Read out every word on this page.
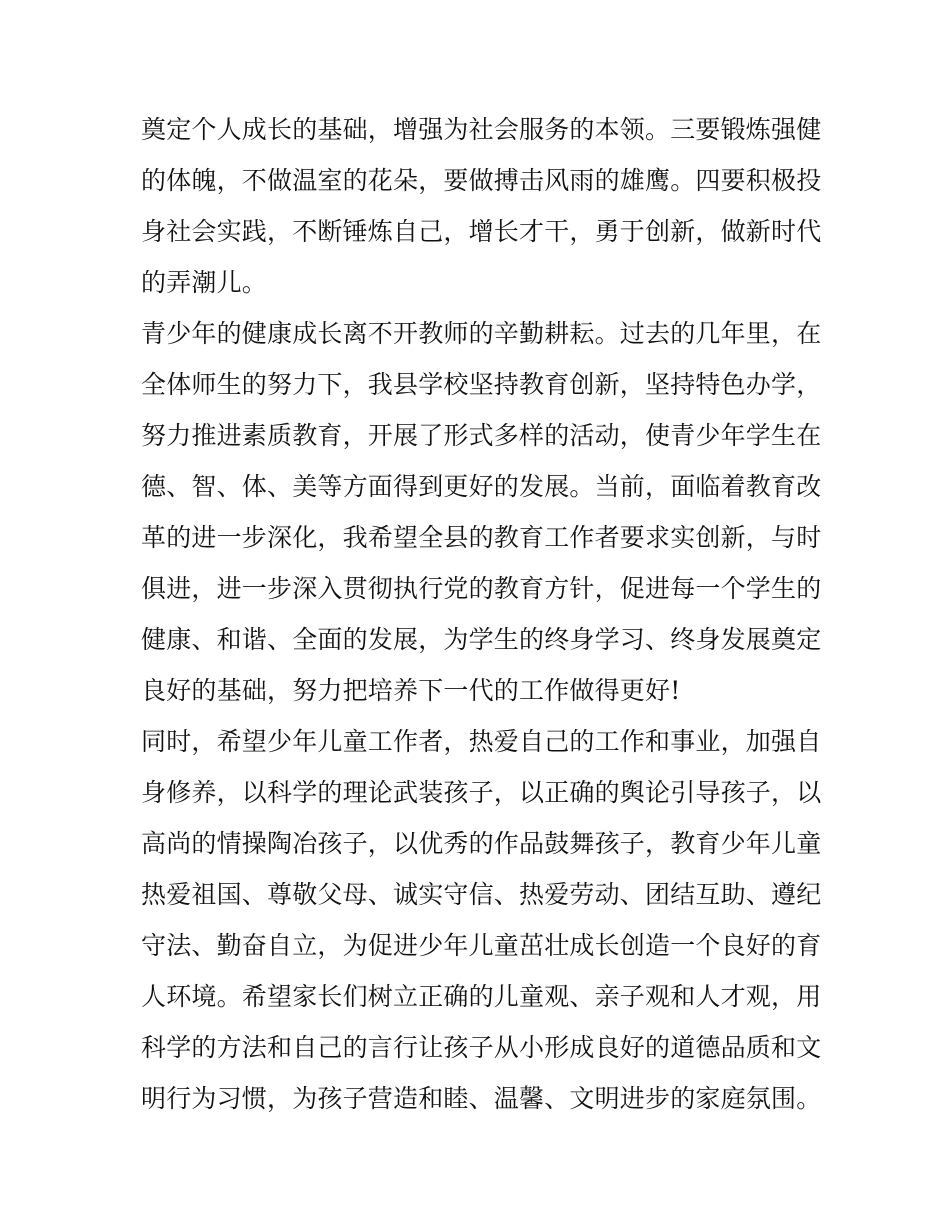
奠定个人成长的基础，增强为社会服务的本领。三要锻炼强健
的体魄，不做温室的花朵，要做搏击风雨的雄鹰。四要积极投
身社会实践，不断锤炼自己，增长才干，勇于创新，做新时代
的弄潮儿。
青少年的健康成长离不开教师的辛勤耕耘。过去的几年里，在
全体师生的努力下，我县学校坚持教育创新，坚持特色办学，
努力推进素质教育，开展了形式多样的活动，使青少年学生在
德、智、体、美等方面得到更好的发展。当前，面临着教育改
革的进一步深化，我希望全县的教育工作者要求实创新，与时
俱进，进一步深入贯彻执行党的教育方针，促进每一个学生的
健康、和谐、全面的发展，为学生的终身学习、终身发展奠定
良好的基础，努力把培养下一代的工作做得更好!
同时，希望少年儿童工作者，热爱自己的工作和事业，加强自
身修养，以科学的理论武装孩子，以正确的舆论引导孩子，以
高尚的情操陶冶孩子，以优秀的作品鼓舞孩子，教育少年儿童
热爱祖国、尊敬父母、诚实守信、热爱劳动、团结互助、遵纪
守法、勤奋自立，为促进少年儿童茁壮成长创造一个良好的育
人环境。希望家长们树立正确的儿童观、亲子观和人才观，用
科学的方法和自己的言行让孩子从小形成良好的道德品质和文
明行为习惯，为孩子营造和睦、温馨、文明进步的家庭氛围。
